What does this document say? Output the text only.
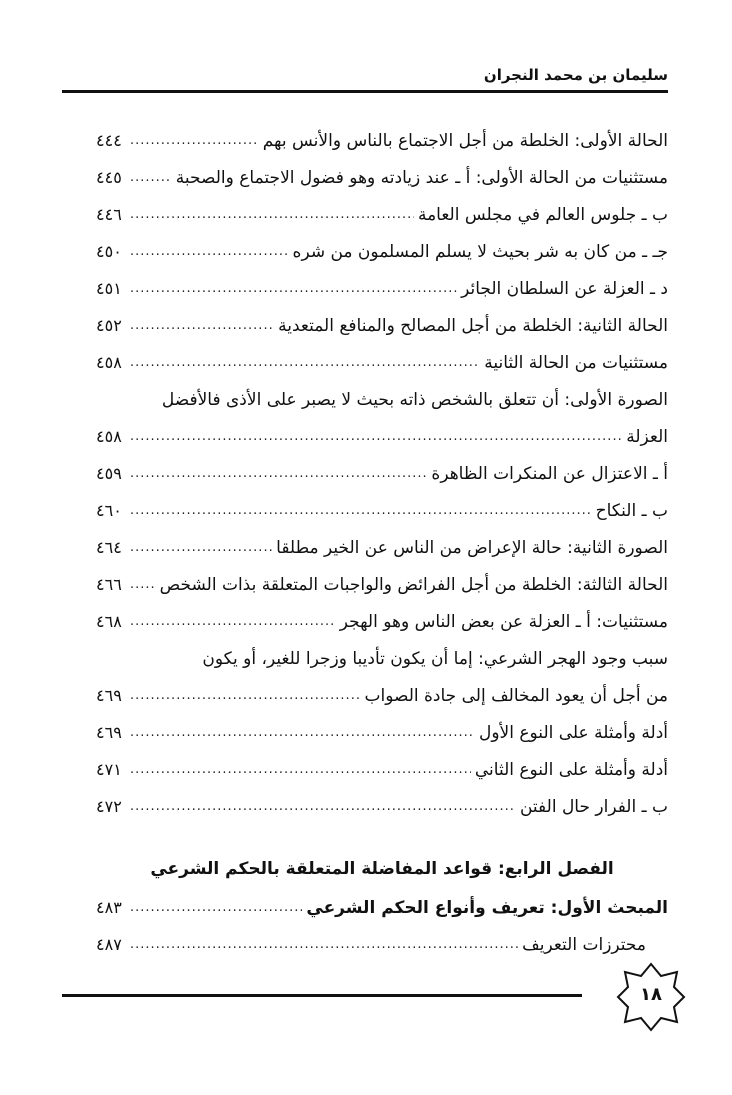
سليمان بن محمد النجران
الحالة الأولى: الخلطة من أجل الاجتماع بالناس والأنس بهم
.....
٤٤٤
مستثنيات من الحالة الأولى: أ ـ عند زيادته وهو فضول الاجتماع والصحبة
.....
٤٤٥
ب ـ جلوس العالم في مجلس العامة
.....
٤٤٦
جـ ـ من كان به شر بحيث لا يسلم المسلمون من شره
.....
٤٥٠
د ـ العزلة عن السلطان الجائر
.....
٤٥١
الحالة الثانية: الخلطة من أجل المصالح والمنافع المتعدية
.....
٤٥٢
مستثنيات من الحالة الثانية
.....
٤٥٨
الصورة الأولى: أن تتعلق بالشخص ذاته بحيث لا يصبر على الأذى فالأفضل
العزلة
.....
٤٥٨
أ ـ الاعتزال عن المنكرات الظاهرة
.....
٤٥٩
ب ـ النكاح
.....
٤٦٠
الصورة الثانية: حالة الإعراض من الناس عن الخير مطلقا
.....
٤٦٤
الحالة الثالثة: الخلطة من أجل الفرائض والواجبات المتعلقة بذات الشخص
.....
٤٦٦
مستثنيات: أ ـ العزلة عن بعض الناس وهو الهجر
.....
٤٦٨
سبب وجود الهجر الشرعي: إما أن يكون تأديبا وزجرا للغير، أو يكون
من أجل أن يعود المخالف إلى جادة الصواب
.....
٤٦٩
أدلة وأمثلة على النوع الأول
.....
٤٦٩
أدلة وأمثلة على النوع الثاني
.....
٤٧١
ب ـ الفرار حال الفتن
.....
٤٧٢
الفصل الرابع: قواعد المفاضلة المتعلقة بالحكم الشرعي
المبحث الأول: تعريف وأنواع الحكم الشرعي
.....
٤٨٣
محترزات التعريف
.....
٤٨٧
١٨
